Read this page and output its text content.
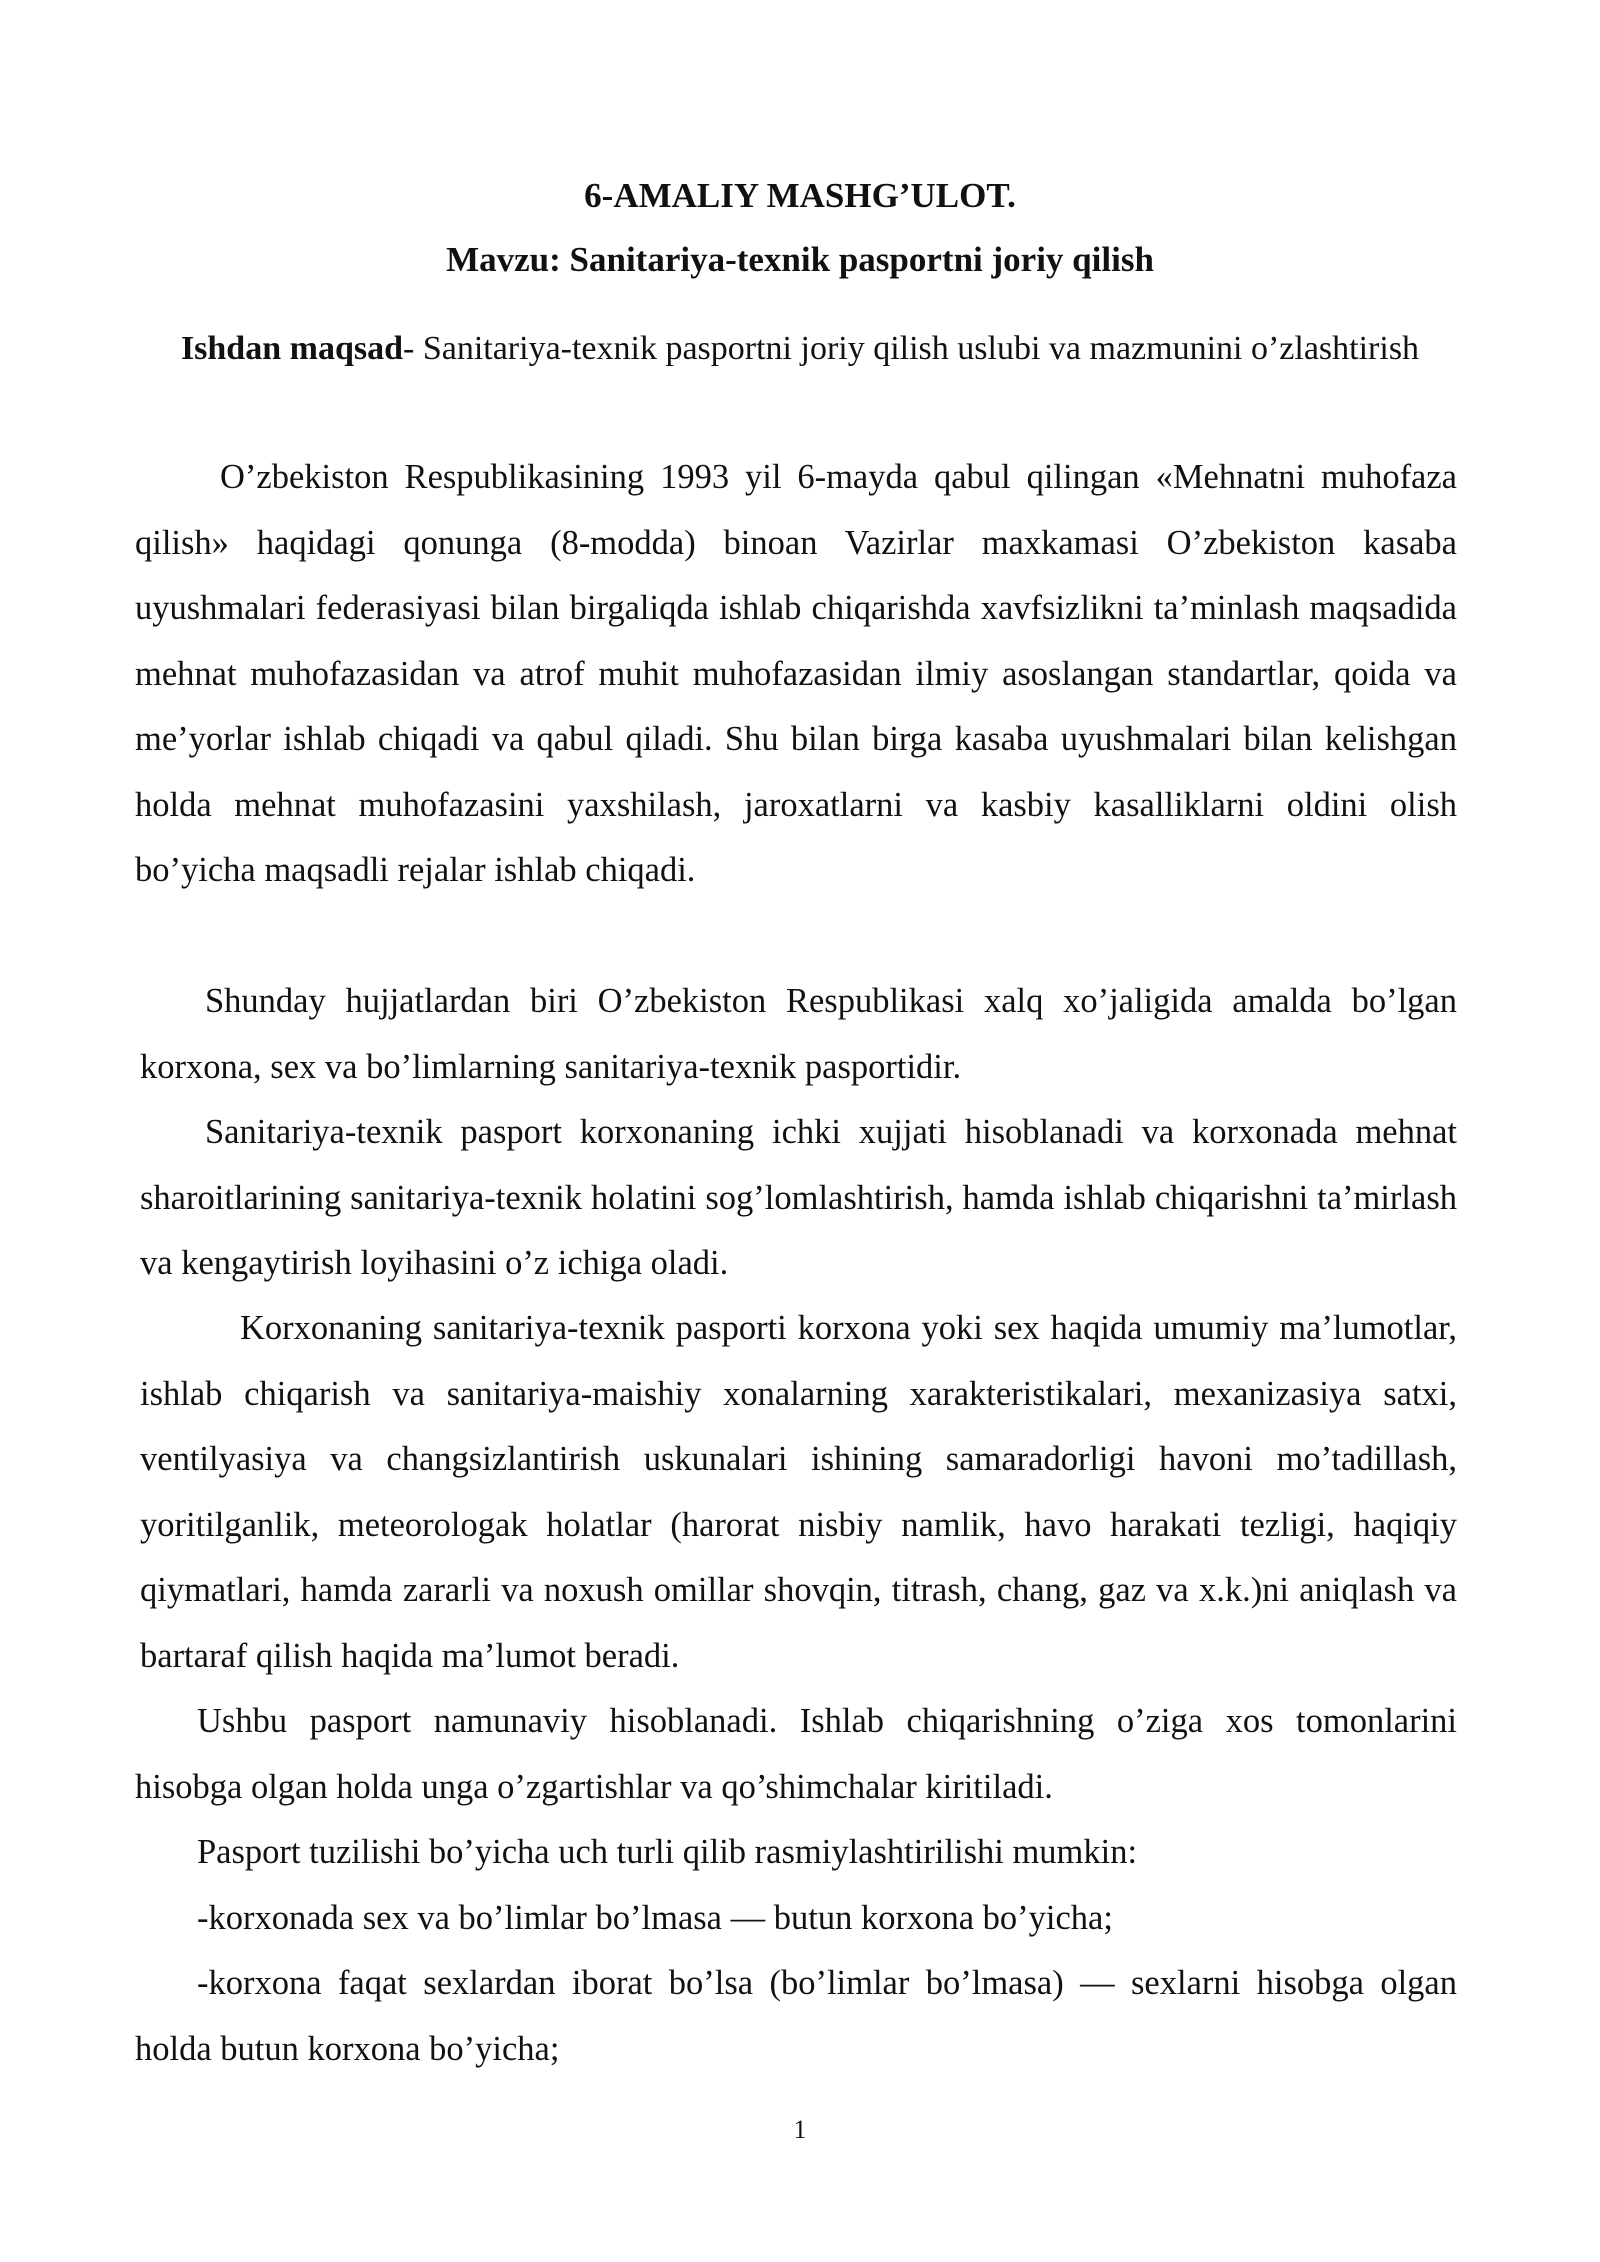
6-AMALIY MASHG’ULOT.
Mavzu: Sanitariya-texnik pasportni joriy qilish
Ishdan maqsad- Sanitariya-texnik pasportni joriy qilish uslubi va mazmunini o’zlashtirish

O’zbekiston Respublikasining 1993 yil 6-mayda qabul qilingan «Mehnatni muhofaza qilish» haqidagi qonunga (8-modda) binoan Vazirlar maxkamasi O’zbekiston kasaba uyushmalari federasiyasi bilan birgaliqda ishlab chiqarishda xavfsizlikni ta’minlash maqsadida mehnat muhofazasidan va atrof muhit muhofazasidan ilmiy asoslangan standartlar, qoida va me’yorlar ishlab chiqadi va qabul qiladi. Shu bilan birga kasaba uyushmalari bilan kelishgan holda mehnat muhofazasini yaxshilash, jaroxatlarni va kasbiy kasalliklarni oldini olish bo’yicha maqsadli rejalar ishlab chiqadi.

Shunday hujjatlardan biri O’zbekiston Respublikasi xalq xo’jaligida amalda bo’lgan korxona, sex va bo’limlarning sanitariya-texnik pasportidir.

Sanitariya-texnik pasport korxonaning ichki xujjati hisoblanadi va korxonada mehnat sharoitlarining sanitariya-texnik holatini sog’lomlashtirish, hamda ishlab chiqarishni ta’mirlash va kengaytirish loyihasini o’z ichiga oladi.

Korxonaning sanitariya-texnik pasporti korxona yoki sex haqida umumiy ma’lumotlar, ishlab chiqarish va sanitariya-maishiy xonalarning xarakteristikalari, mexanizasiya satxi, ventilyasiya va changsizlantirish uskunalari ishining samaradorligi havoni mo’tadillash, yoritilganlik, meteorologak holatlar (harorat nisbiy namlik, havo harakati tezligi, haqiqiy qiymatlari, hamda zararli va noxush omillar shovqin, titrash, chang, gaz va x.k.)ni aniqlash va bartaraf qilish haqida ma’lumot beradi.

Ushbu pasport namunaviy hisoblanadi. Ishlab chiqarishning o’ziga xos tomonlarini hisobga olgan holda unga o’zgartishlar va qo’shimchalar kiritiladi.

Pasport tuzilishi bo’yicha uch turli qilib rasmiylashtirilishi mumkin:

-korxonada sex va bo’limlar bo’lmasa — butun korxona bo’yicha;

-korxona faqat sexlardan iborat bo’lsa (bo’limlar bo’lmasa) — sexlarni hisobga olgan holda butun korxona bo’yicha;

1
